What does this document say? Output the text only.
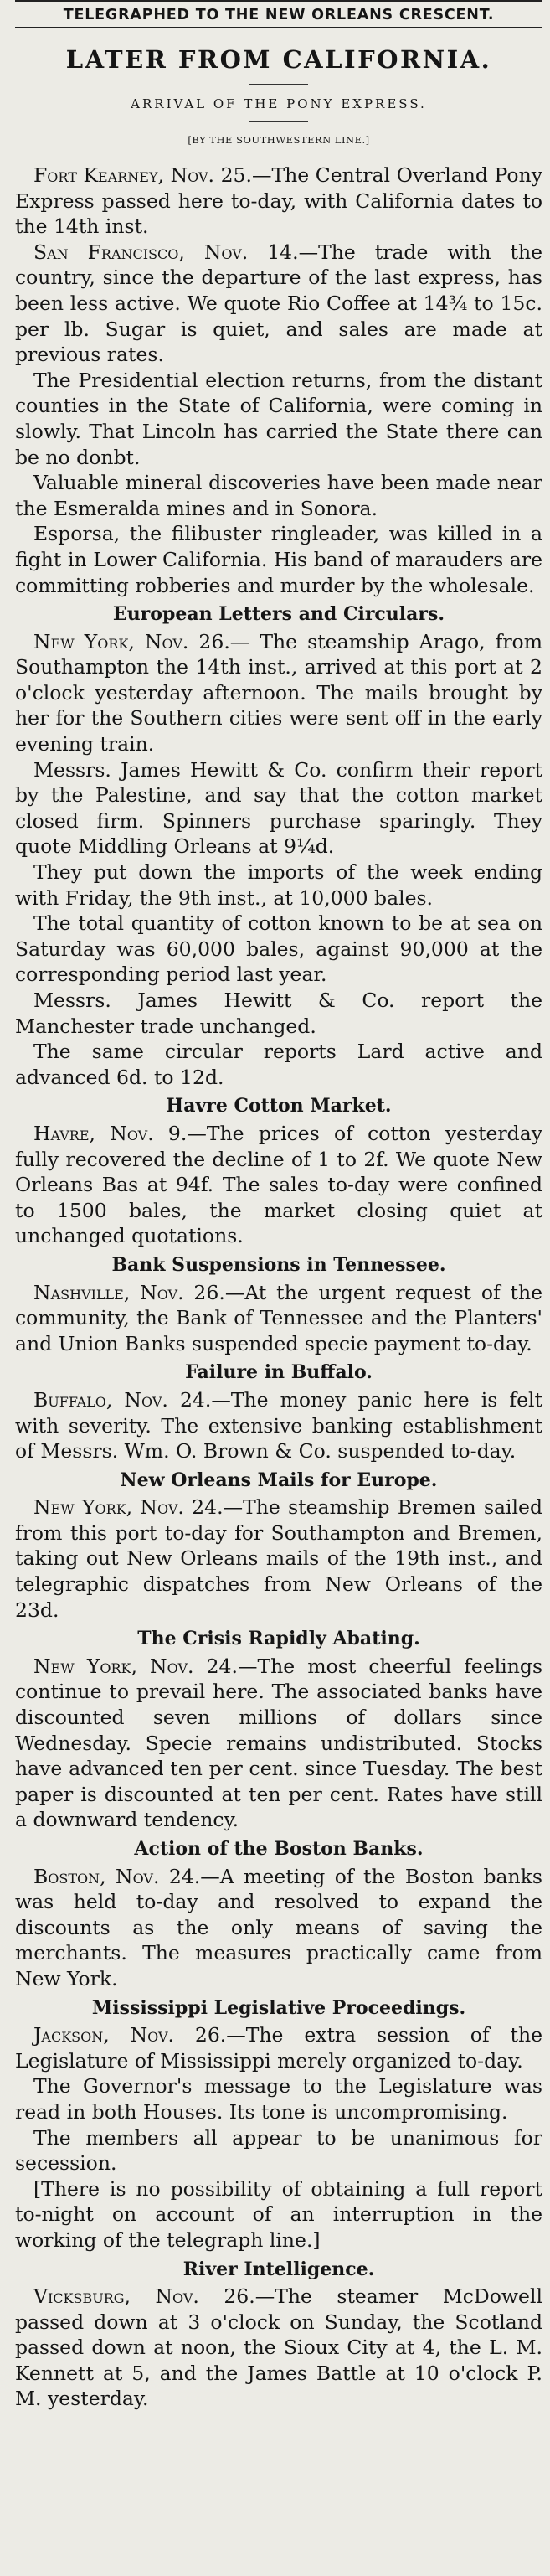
TELEGRAPHED TO THE NEW ORLEANS CRESCENT.
LATER FROM CALIFORNIA.
ARRIVAL OF THE PONY EXPRESS.
[BY THE SOUTHWESTERN LINE.]

Fort Kearney, Nov. 25.—The Central Overland Pony Express passed here to-day, with California dates to the 14th inst.

San Francisco, Nov. 14.—The trade with the country, since the departure of the last express, has been less active. We quote Rio Coffee at 14¾ to 15c. per lb. Sugar is quiet, and sales are made at previous rates.

The Presidential election returns, from the distant counties in the State of California, were coming in slowly. That Lincoln has carried the State there can be no donbt.

Valuable mineral discoveries have been made near the Esmeralda mines and in Sonora.

Esporsa, the filibuster ringleader, was killed in a fight in Lower California. His band of marauders are committing robberies and murder by the wholesale.

European Letters and Circulars.

New York, Nov. 26.— The steamship Arago, from Southampton the 14th inst., arrived at this port at 2 o'clock yesterday afternoon. The mails brought by her for the Southern cities were sent off in the early evening train.

Messrs. James Hewitt & Co. confirm their report by the Palestine, and say that the cotton market closed firm. Spinners purchase sparingly. They quote Middling Orleans at 9¼d.

They put down the imports of the week ending with Friday, the 9th inst., at 10,000 bales.

The total quantity of cotton known to be at sea on Saturday was 60,000 bales, against 90,000 at the corresponding period last year.

Messrs. James Hewitt & Co. report the Manchester trade unchanged.

The same circular reports Lard active and advanced 6d. to 12d.

Havre Cotton Market.

Havre, Nov. 9.—The prices of cotton yesterday fully recovered the decline of 1 to 2f. We quote New Orleans Bas at 94f. The sales to-day were confined to 1500 bales, the market closing quiet at unchanged quotations.

Bank Suspensions in Tennessee.

Nashville, Nov. 26.—At the urgent request of the community, the Bank of Tennessee and the Planters' and Union Banks suspended specie payment to-day.

Failure in Buffalo.

Buffalo, Nov. 24.—The money panic here is felt with severity. The extensive banking establishment of Messrs. Wm. O. Brown & Co. suspended to-day.

New Orleans Mails for Europe.

New York, Nov. 24.—The steamship Bremen sailed from this port to-day for Southampton and Bremen, taking out New Orleans mails of the 19th inst., and telegraphic dispatches from New Orleans of the 23d.

The Crisis Rapidly Abating.

New York, Nov. 24.—The most cheerful feelings continue to prevail here. The associated banks have discounted seven millions of dollars since Wednesday. Specie remains undistributed. Stocks have advanced ten per cent. since Tuesday. The best paper is discounted at ten per cent. Rates have still a downward tendency.

Action of the Boston Banks.

Boston, Nov. 24.—A meeting of the Boston banks was held to-day and resolved to expand the discounts as the only means of saving the merchants. The measures practically came from New York.

Mississippi Legislative Proceedings.

Jackson, Nov. 26.—The extra session of the Legislature of Mississippi merely organized to-day.

The Governor's message to the Legislature was read in both Houses. Its tone is uncompromising.

The members all appear to be unanimous for secession.

[There is no possibility of obtaining a full report to-night on account of an interruption in the working of the telegraph line.]

River Intelligence.

Vicksburg, Nov. 26.—The steamer McDowell passed down at 3 o'clock on Sunday, the Scotland passed down at noon, the Sioux City at 4, the L. M. Kennett at 5, and the James Battle at 10 o'clock P. M. yesterday.
